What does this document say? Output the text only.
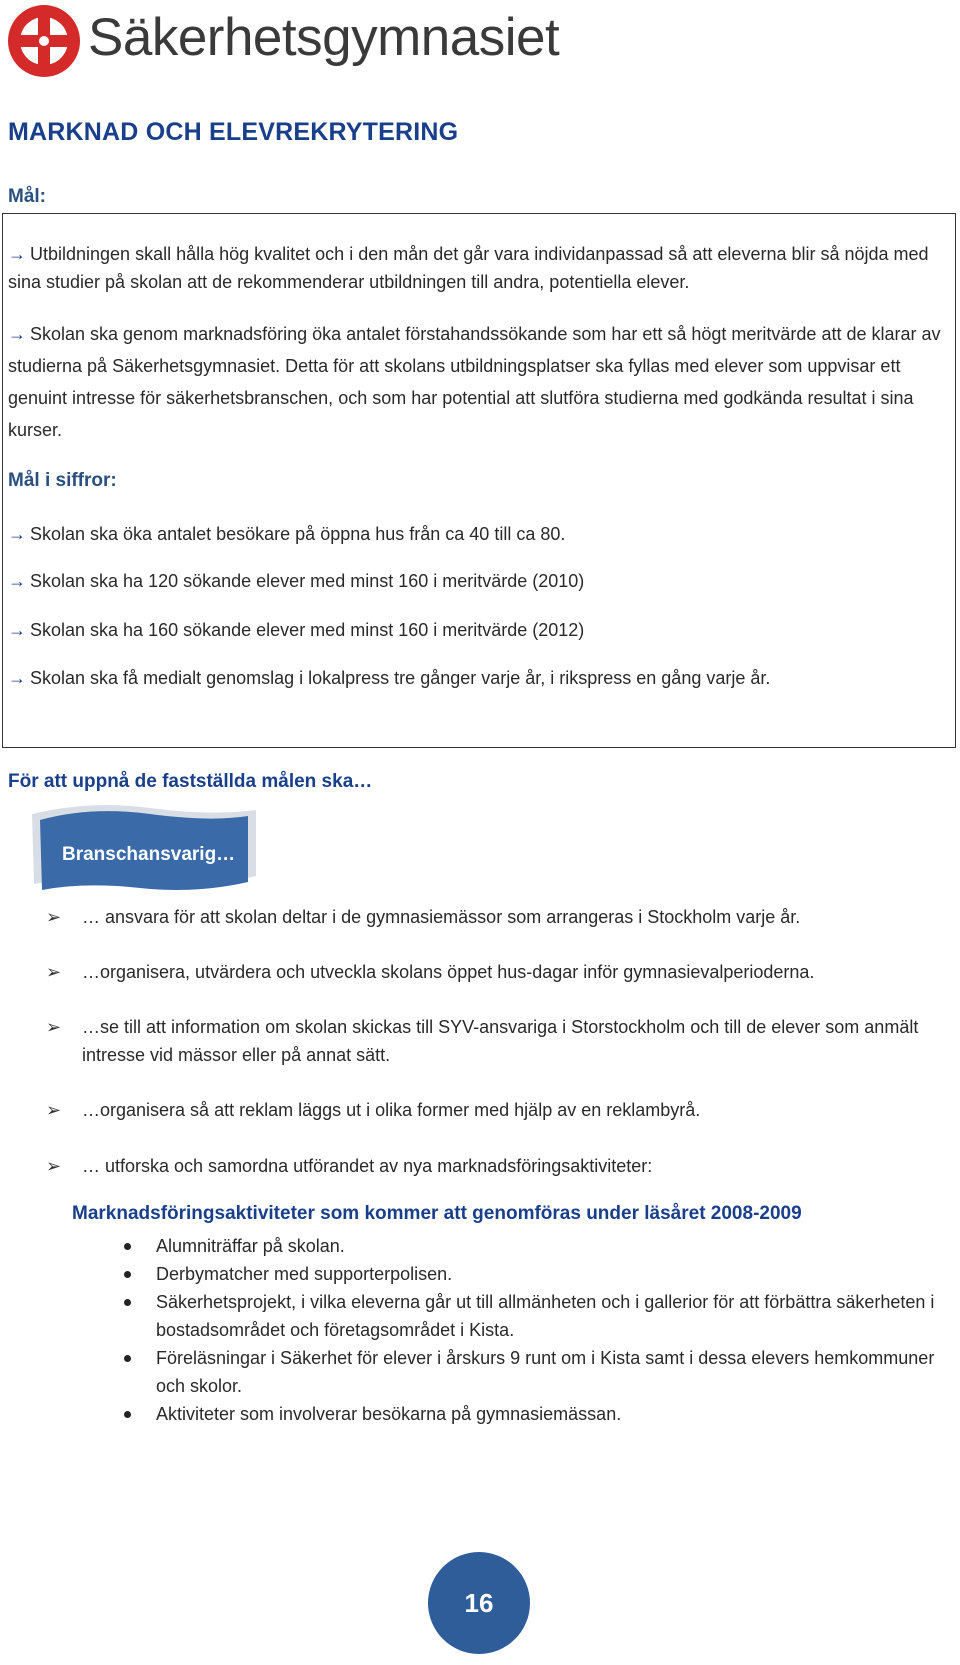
Säkerhetsgymnasiet
MARKNAD OCH ELEVREKRYTERING
Mål:
→ Utbildningen skall hålla hög kvalitet och i den mån det går vara individanpassad så att eleverna blir så nöjda med sina studier på skolan att de rekommenderar utbildningen till andra, potentiella elever.
→ Skolan ska genom marknadsföring öka antalet förstahandssökande som har ett så högt meritvärde att de klarar av studierna på Säkerhetsgymnasiet. Detta för att skolans utbildningsplatser ska fyllas med elever som uppvisar ett genuint intresse för säkerhetsbranschen, och som har potential att slutföra studierna med godkända resultat i sina kurser.
Mål i siffror:
→ Skolan ska öka antalet besökare på öppna hus från ca 40 till ca 80.
→ Skolan ska ha 120 sökande elever med minst 160 i meritvärde (2010)
→ Skolan ska ha 160 sökande elever med minst 160 i meritvärde (2012)
→ Skolan ska få medialt genomslag i lokalpress tre gånger varje år, i rikspress en gång varje år.
För att uppnå de fastställda målen ska…
Branschansvarig…
➢ … ansvara för att skolan deltar i de gymnasiemässor som arrangeras i Stockholm varje år.
➢ …organisera, utvärdera och utveckla skolans öppet hus-dagar inför gymnasievalperioderna.
➢ …se till att information om skolan skickas till SYV-ansvariga i Storstockholm och till de elever som anmält intresse vid mässor eller på annat sätt.
➢ …organisera så att reklam läggs ut i olika former med hjälp av en reklambyrå.
➢ … utforska och samordna utförandet av nya marknadsföringsaktiviteter:
Marknadsföringsaktiviteter som kommer att genomföras under läsåret 2008-2009
Alumniträffar på skolan.
Derbymatcher med supporterpolisen.
Säkerhetsprojekt, i vilka eleverna går ut till allmänheten och i gallerior för att förbättra säkerheten i bostadsområdet och företagsområdet i Kista.
Föreläsningar i Säkerhet för elever i årskurs 9 runt om i Kista samt i dessa elevers hemkommuner och skolor.
Aktiviteter som involverar besökarna på gymnasiemässan.
16
